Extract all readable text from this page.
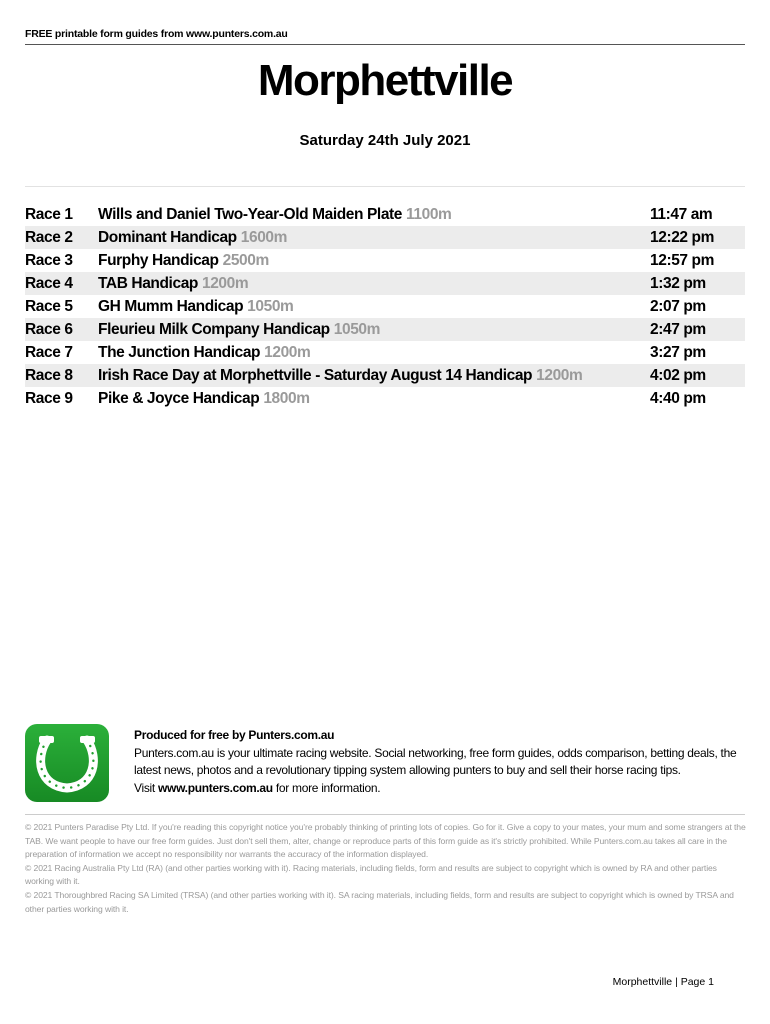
FREE printable form guides from www.punters.com.au
Morphettville
Saturday 24th July 2021
Race 1	Wills and Daniel Two-Year-Old Maiden Plate 1100m	11:47 am
Race 2	Dominant Handicap 1600m	12:22 pm
Race 3	Furphy Handicap 2500m	12:57 pm
Race 4	TAB Handicap 1200m	1:32 pm
Race 5	GH Mumm Handicap 1050m	2:07 pm
Race 6	Fleurieu Milk Company Handicap 1050m	2:47 pm
Race 7	The Junction Handicap 1200m	3:27 pm
Race 8	Irish Race Day at Morphettville - Saturday August 14 Handicap 1200m	4:02 pm
Race 9	Pike & Joyce Handicap 1800m	4:40 pm
Produced for free by Punters.com.au
Punters.com.au is your ultimate racing website. Social networking, free form guides, odds comparison, betting deals, the latest news, photos and a revolutionary tipping system allowing punters to buy and sell their horse racing tips.
Visit www.punters.com.au for more information.

© 2021 Punters Paradise Pty Ltd. If you're reading this copyright notice you're probably thinking of printing lots of copies. Go for it. Give a copy to your mates, your mum and some strangers at the TAB. We want people to have our free form guides. Just don't sell them, alter, change or reproduce parts of this form guide as it's strictly prohibited. While Punters.com.au takes all care in the preparation of information we accept no responsibility nor warrants the accuracy of the information displayed.

© 2021 Racing Australia Pty Ltd (RA) (and other parties working with it). Racing materials, including fields, form and results are subject to copyright which is owned by RA and other parties working with it.

© 2021 Thoroughbred Racing SA Limited (TRSA) (and other parties working with it). SA racing materials, including fields, form and results are subject to copyright which is owned by TRSA and other parties working with it.

Morphettville | Page 1
